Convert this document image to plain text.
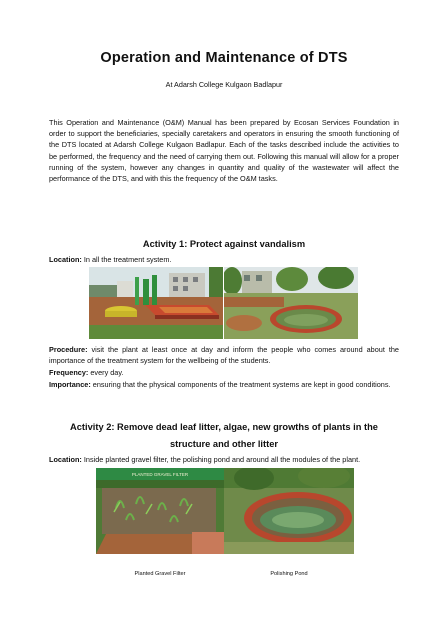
Operation and Maintenance of DTS
At Adarsh College Kulgaon Badlapur
This Operation and Maintenance (O&M) Manual has been prepared by Ecosan Services Foundation in order to support the beneficiaries, specially caretakers and operators in ensuring the smooth functioning of the DTS located at Adarsh College Kulgaon Badlapur. Each of the tasks described include the activities to be performed, the frequency and the need of carrying them out. Following this manual will allow for a proper running of the system, however any changes in quantity and quality of the wastewater will affect the performance of the DTS, and with this the frequency of the O&M tasks.
Activity 1: Protect against vandalism
Location: In all the treatment system.
Procedure: visit the plant at least once at day and inform the people who comes around about the importance of the treatment system for the wellbeing of the students.
Frequency: every day.
Importance: ensuring that the physical components of the treatment systems are kept in good conditions.
Activity 2: Remove dead leaf litter, algae, new growths of plants in the structure and other litter
Location: Inside planted gravel filter, the polishing pond and around all the modules of the plant.
PLANTED GRAVEL FILTER
Planted Gravel Filter	Polishing Pond
